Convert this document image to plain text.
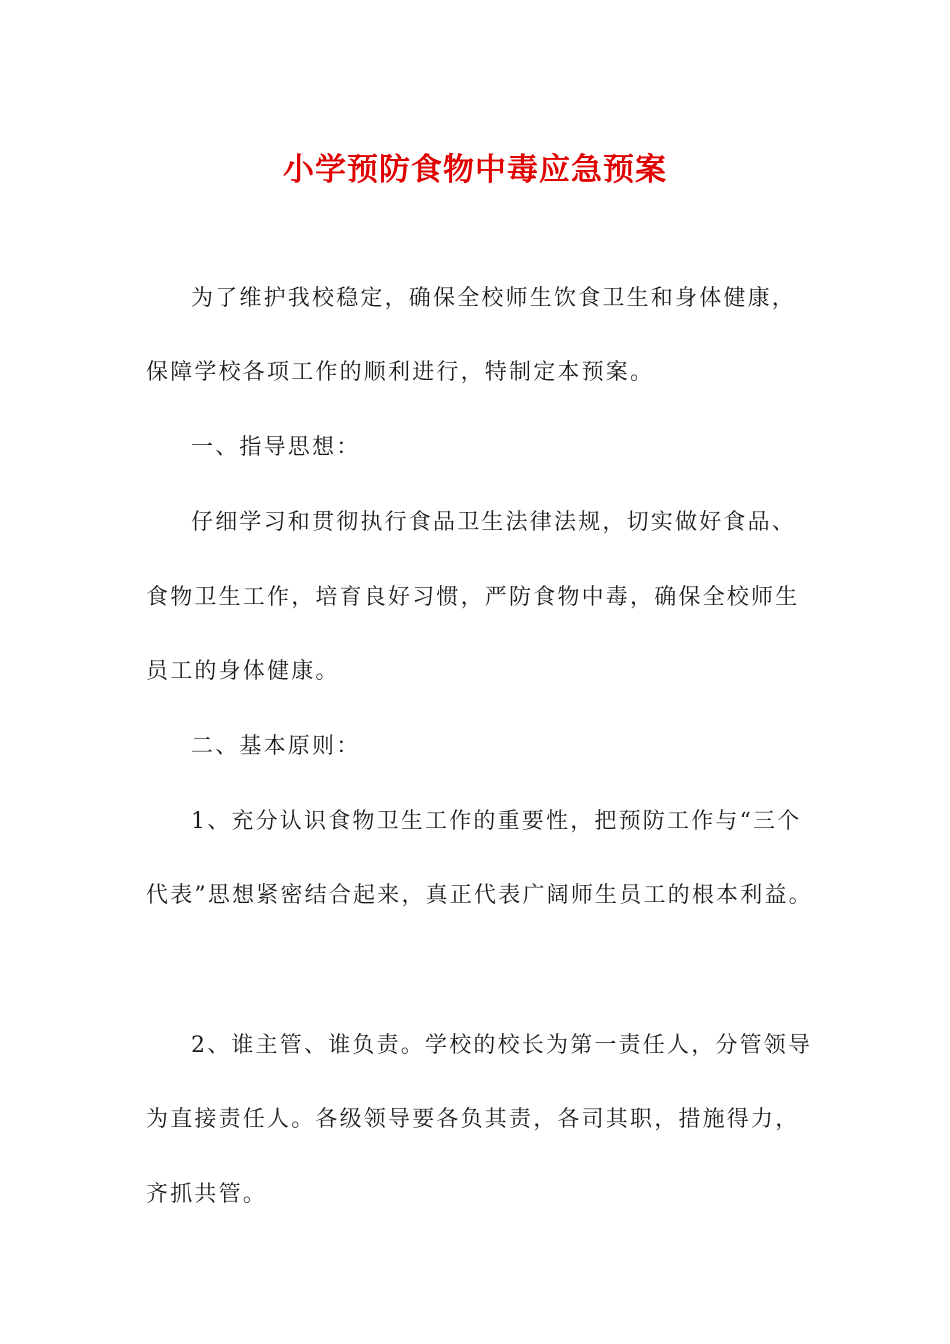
小学预防食物中毒应急预案
为了维护我校稳定，确保全校师生饮食卫生和身体健康，
保障学校各项工作的顺利进行，特制定本预案。
一、指导思想：
仔细学习和贯彻执行食品卫生法律法规，切实做好食品、
食物卫生工作，培育良好习惯，严防食物中毒，确保全校师生
员工的身体健康。
二、基本原则：
1、充分认识食物卫生工作的重要性，把预防工作与“三个
代表”思想紧密结合起来，真正代表广阔师生员工的根本利益。
2、谁主管、谁负责。学校的校长为第一责任人，分管领导
为直接责任人。各级领导要各负其责，各司其职，措施得力，
齐抓共管。
